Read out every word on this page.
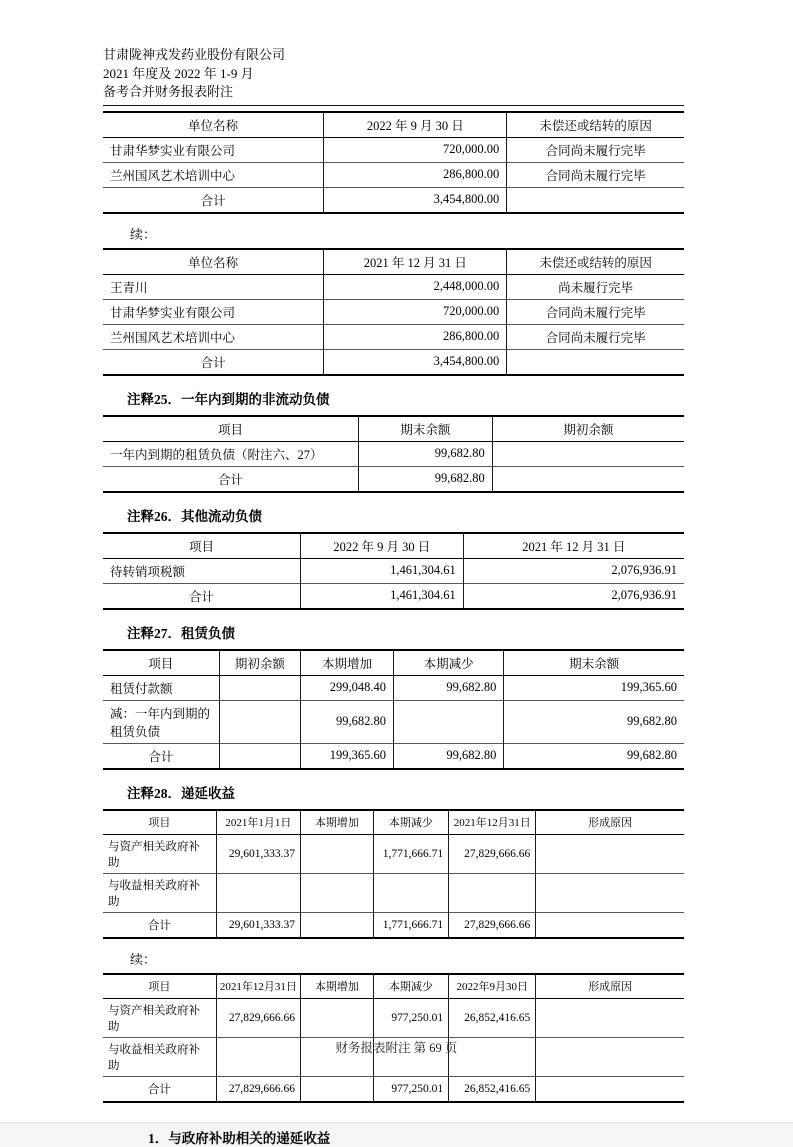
甘肃陇神戎发药业股份有限公司

2021 年度及 2022 年 1-9 月

备考合并财务报表附注

单位名称	2022 年 9 月 30 日	未偿还或结转的原因
甘肃华梦实业有限公司	720,000.00	合同尚未履行完毕
兰州国风艺术培训中心	286,800.00	合同尚未履行完毕
合计	3,454,800.00	

续：

单位名称	2021 年 12 月 31 日	未偿还或结转的原因
王青川	2,448,000.00	尚未履行完毕
甘肃华梦实业有限公司	720,000.00	合同尚未履行完毕
兰州国风艺术培训中心	286,800.00	合同尚未履行完毕
合计	3,454,800.00	
注释25．一年内到期的非流动负债
项目	期末余额	期初余额
一年内到期的租赁负债（附注六、27）	99,682.80	
合计	99,682.80	
注释26．其他流动负债
项目	2022 年 9 月 30 日	2021 年 12 月 31 日
待转销项税额	1,461,304.61	2,076,936.91
合计	1,461,304.61	2,076,936.91
注释27．租赁负债
项目	期初余额	本期增加	本期减少	期末余额
租赁付款额		299,048.40	99,682.80	199,365.60
减：一年内到期的租赁负债		99,682.80		99,682.80
合计		199,365.60	99,682.80	99,682.80
注释28．递延收益
项目	2021年1月1日	本期增加	本期减少	2021年12月31日	形成原因
与资产相关政府补助	29,601,333.37		1,771,666.71	27,829,666.66	
与收益相关政府补助					
合计	29,601,333.37		1,771,666.71	27,829,666.66	

续：

项目	2021年12月31日	本期增加	本期减少	2022年9月30日	形成原因
与资产相关政府补助	27,829,666.66		977,250.01	26,852,416.65	
与收益相关政府补助					
合计	27,829,666.66		977,250.01	26,852,416.65	
1．与政府补助相关的递延收益
财务报表附注 第 69 页
